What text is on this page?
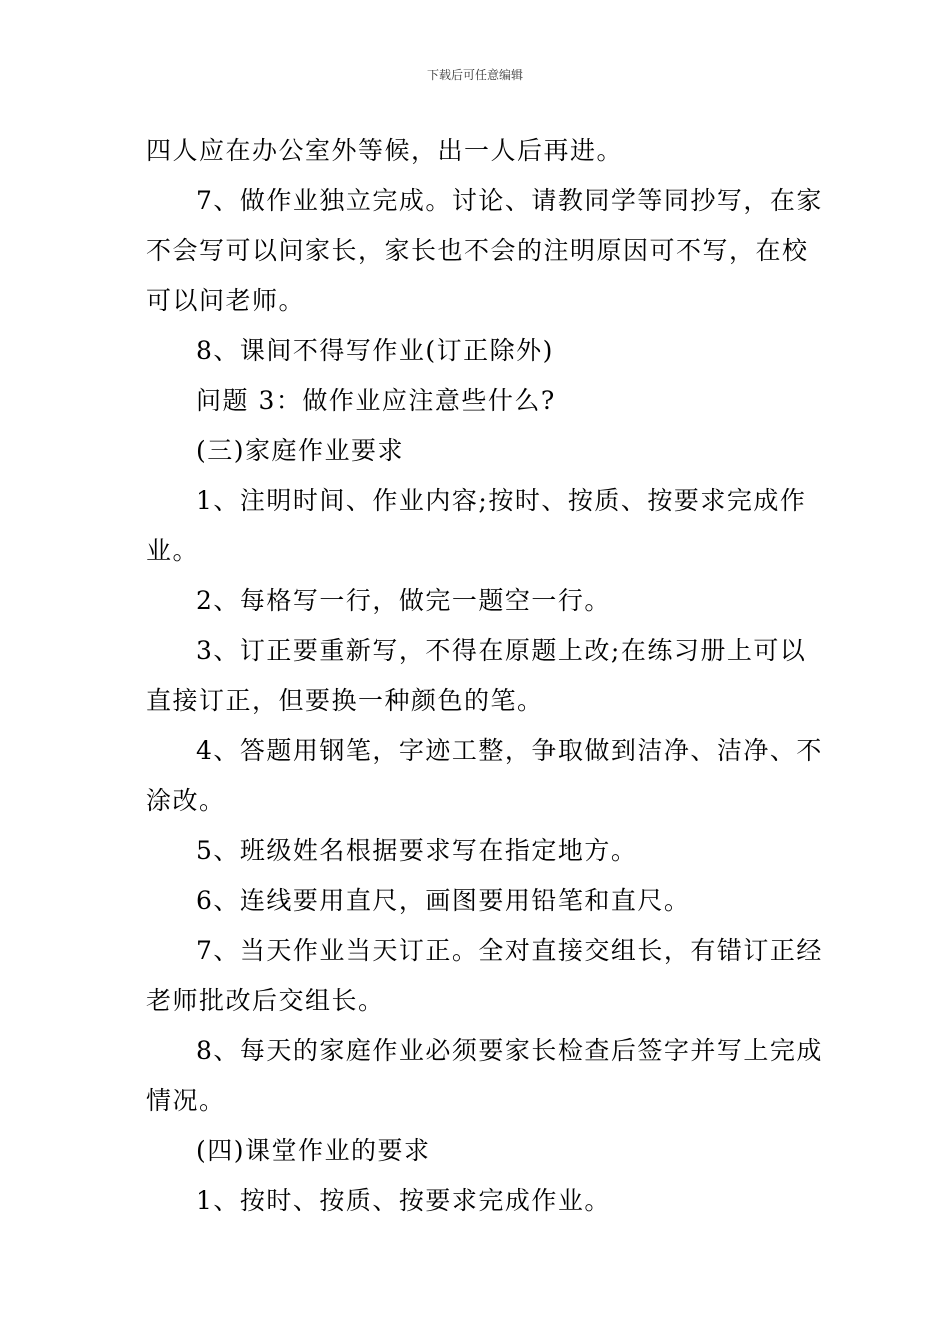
下载后可任意编辑
四人应在办公室外等候，出一人后再进。
7、做作业独立完成。讨论、请教同学等同抄写，在家
不会写可以问家长，家长也不会的注明原因可不写，在校
可以问老师。
8、课间不得写作业(订正除外)
问题 3：做作业应注意些什么?
(三)家庭作业要求
1、注明时间、作业内容;按时、按质、按要求完成作
业。
2、每格写一行，做完一题空一行。
3、订正要重新写，不得在原题上改;在练习册上可以
直接订正，但要换一种颜色的笔。
4、答题用钢笔，字迹工整，争取做到洁净、洁净、不
涂改。
5、班级姓名根据要求写在指定地方。
6、连线要用直尺，画图要用铅笔和直尺。
7、当天作业当天订正。全对直接交组长，有错订正经
老师批改后交组长。
8、每天的家庭作业必须要家长检查后签字并写上完成
情况。
(四)课堂作业的要求
1、按时、按质、按要求完成作业。
